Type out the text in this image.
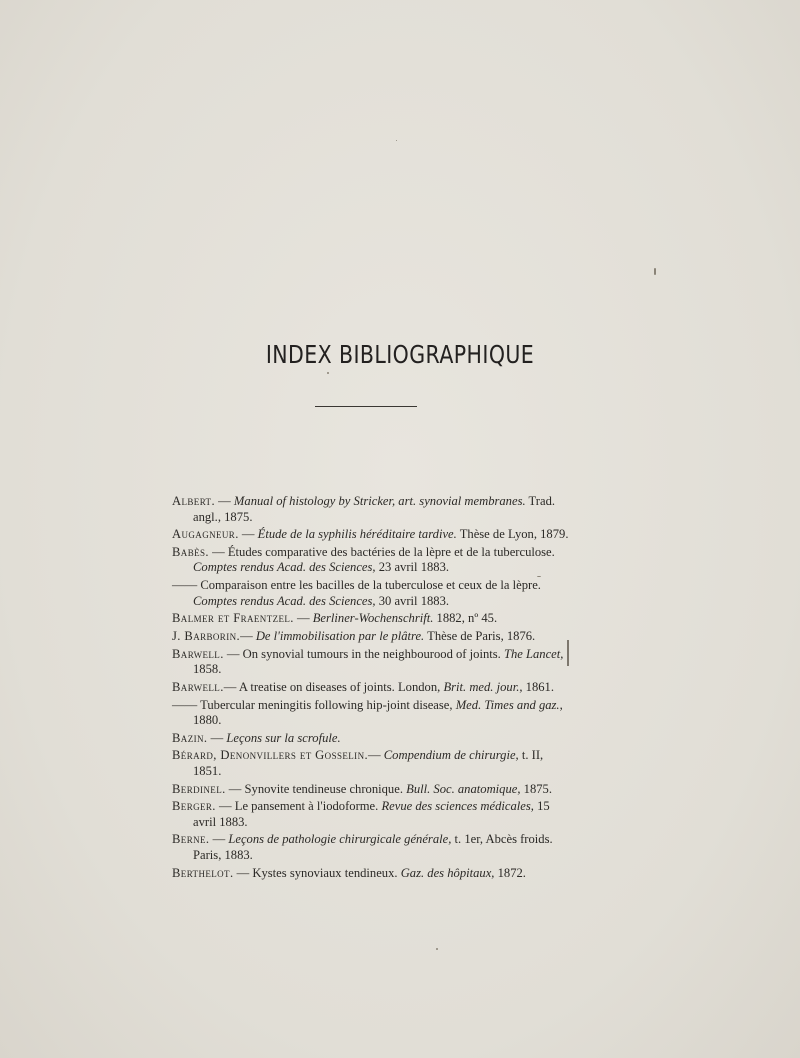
INDEX BIBLIOGRAPHIQUE
Albert. — Manual of histology by Stricker, art. synovial membranes. Trad. angl., 1875.
Augagneur. — Étude de la syphilis héréditaire tardive. Thèse de Lyon, 1879.
Babès. — Études comparative des bactéries de la lèpre et de la tuberculose. Comptes rendus Acad. des Sciences, 23 avril 1883.
—— Comparaison entre les bacilles de la tuberculose et ceux de la lèpre. Comptes rendus Acad. des Sciences, 30 avril 1883.
Balmer et Fraentzel. — Berliner-Wochenschrift. 1882, nº 45.
J. Barborin.— De l'immobilisation par le plâtre. Thèse de Paris, 1876.
Barwell. — On synovial tumours in the neighbourood of joints. The Lancet, 1858.
Barwell.— A treatise on diseases of joints. London, Brit. med. jour., 1861.
—— Tubercular meningitis following hip-joint disease, Med. Times and gaz., 1880.
Bazin. — Leçons sur la scrofule.
Bérard, Denonvillers et Gosselin.— Compendium de chirurgie, t. II, 1851.
Berdinel. — Synovite tendineuse chronique. Bull. Soc. anatomique, 1875.
Berger. — Le pansement à l'iodoforme. Revue des sciences médicales, 15 avril 1883.
Berne. — Leçons de pathologie chirurgicale générale, t. 1er, Abcès froids. Paris, 1883.
Berthelot. — Kystes synoviaux tendineux. Gaz. des hôpitaux, 1872.
